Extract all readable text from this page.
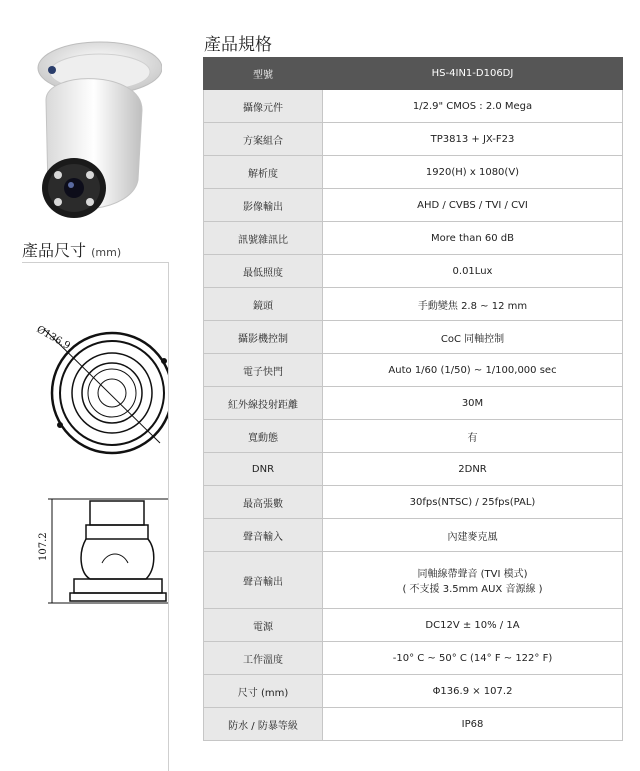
產品規格
產品尺寸 (mm)
Ø136.9
107.2
型號	HS-4IN1-D106DJ
攝像元件	1/2.9" CMOS : 2.0 Mega
方案組合	TP3813 + JX-F23
解析度	1920(H) x 1080(V)
影像輸出	AHD / CVBS / TVI / CVI
訊號雜訊比	More than 60 dB
最低照度	0.01Lux
鏡頭	手動變焦 2.8 ~ 12 mm
攝影機控制	CoC 同軸控制
電子快門	Auto 1/60 (1/50) ~ 1/100,000 sec
紅外線投射距離	30M
寬動態	有
DNR	2DNR
最高張數	30fps(NTSC) / 25fps(PAL)
聲音輸入	內建麥克風
聲音輸出	同軸線帶聲音 (TVI 模式)
( 不支援 3.5mm AUX 音源線 )

電源	DC12V ± 10% / 1A
工作溫度	-10° C ~ 50° C (14° F ~ 122° F)
尺寸 (mm)	Φ136.9 × 107.2
防水 / 防暴等級	IP68
